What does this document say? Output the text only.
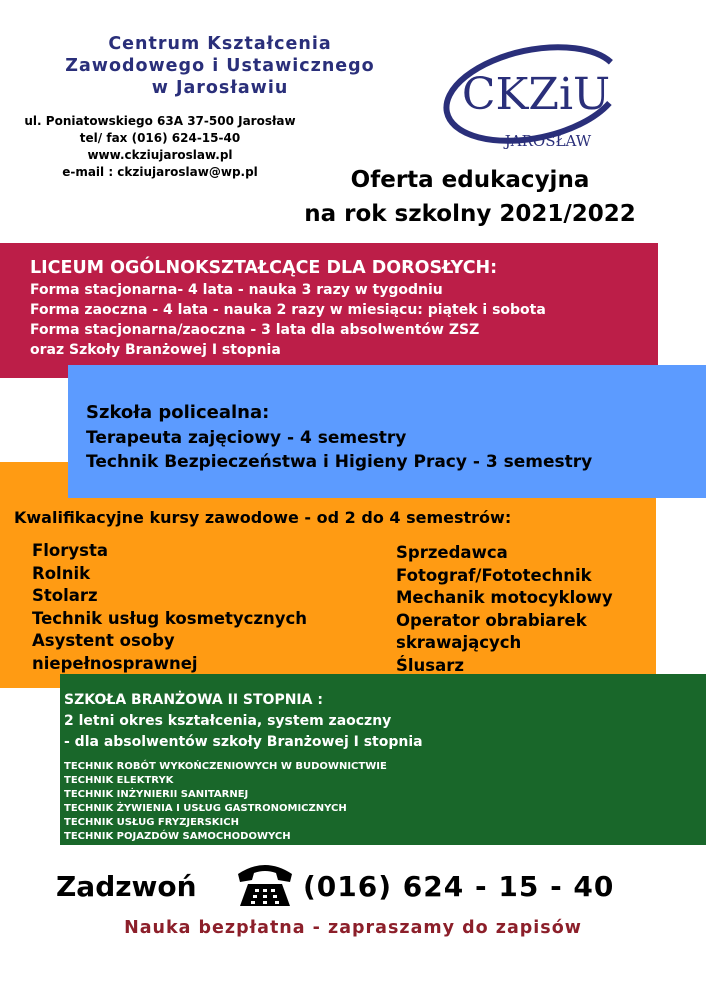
Centrum Kształcenia
Zawodowego i Ustawicznego
w Jarosławiu
ul. Poniatowskiego 63A 37-500 Jarosław
tel/ fax (016) 624-15-40
www.ckziujaroslaw.pl
e-mail : ckziujaroslaw@wp.pl
CKZiU
JAROSŁAW
Oferta edukacyjna
na rok szkolny 2021/2022
LICEUM OGÓLNOKSZTAŁCĄCE DLA DOROSŁYCH:
Forma stacjonarna- 4 lata - nauka 3 razy w tygodniu
Forma zaoczna - 4 lata - nauka 2 razy w miesiącu: piątek i sobota
Forma stacjonarna/zaoczna - 3 lata dla absolwentów ZSZ
oraz Szkoły Branżowej I stopnia
Szkoła policealna:
Terapeuta zajęciowy - 4 semestry
Technik Bezpieczeństwa i Higieny Pracy - 3 semestry
Kwalifikacyjne kursy zawodowe - od 2 do 4 semestrów:
Florysta
Rolnik
Stolarz
Technik usług kosmetycznych
Asystent osoby
niepełnosprawnej
Sprzedawca
Fotograf/Fototechnik
Mechanik motocyklowy
Operator obrabiarek
skrawających
Ślusarz
SZKOŁA BRANŻOWA II STOPNIA :
2 letni okres kształcenia, system zaoczny
- dla absolwentów szkoły Branżowej I stopnia
TECHNIK ROBÓT WYKOŃCZENIOWYCH W BUDOWNICTWIE
TECHNIK ELEKTRYK
TECHNIK INŻYNIERII SANITARNEJ
TECHNIK ŻYWIENIA I USŁUG GASTRONOMICZNYCH
TECHNIK USŁUG FRYZJERSKICH
TECHNIK POJAZDÓW SAMOCHODOWYCH
Zadzwoń	(016) 624 - 15 - 40
Nauka bezpłatna - zapraszamy do zapisów
